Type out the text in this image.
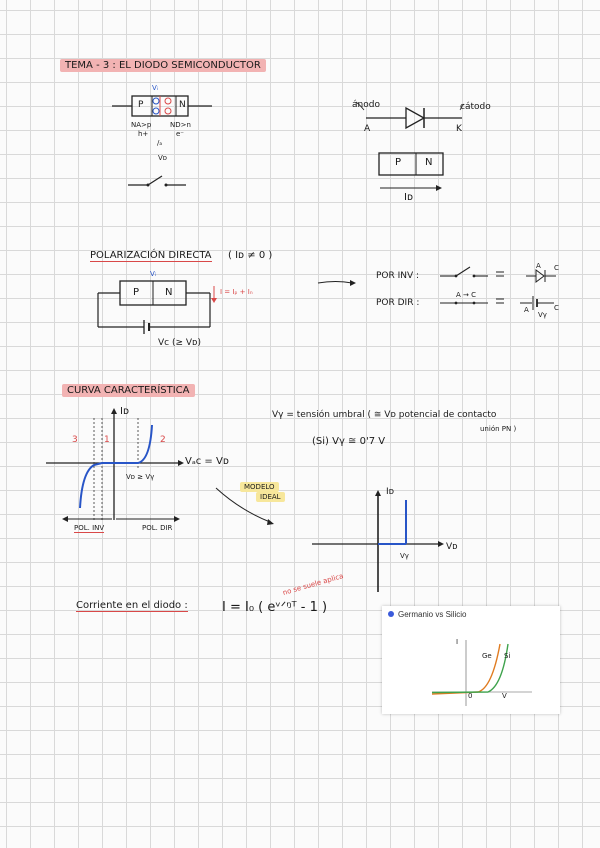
TEMA - 3 : EL DIODO SEMICONDUCTOR
Vᵢ
P	N
NA>p	ND>n
h+	e⁻
/ₐ
Vᴅ
ánodo	cátodo
A	K
P N
Iᴅ
POLARIZACIÓN DIRECTA ( Iᴅ ≠ 0 )
P	N
Vᵢ
I = Iₚ + Iₙ
Vc (≥ Vᴅ)
POR INV :
POR DIR :
A C
A → C
A	C
Vγ
CURVA CARACTERÍSTICA
Iᴅ
Vₐc = Vᴅ
Vᴅ ≥ Vγ
3	1	2
POL. INV	POL. DIR
Vγ = tensión umbral ( ≅ Vᴅ potencial de contacto
unión PN )
(Si) Vγ ≅ 0'7 V
MODELO
IDEAL	Iᴅ
Vᴅ
Vγ
Corriente en el diodo :	I = I₀ ( eᵛᐟᵑᵀ - 1 )
no se suele aplica
Germanio vs Silicio
I
Ge Si
0	V
